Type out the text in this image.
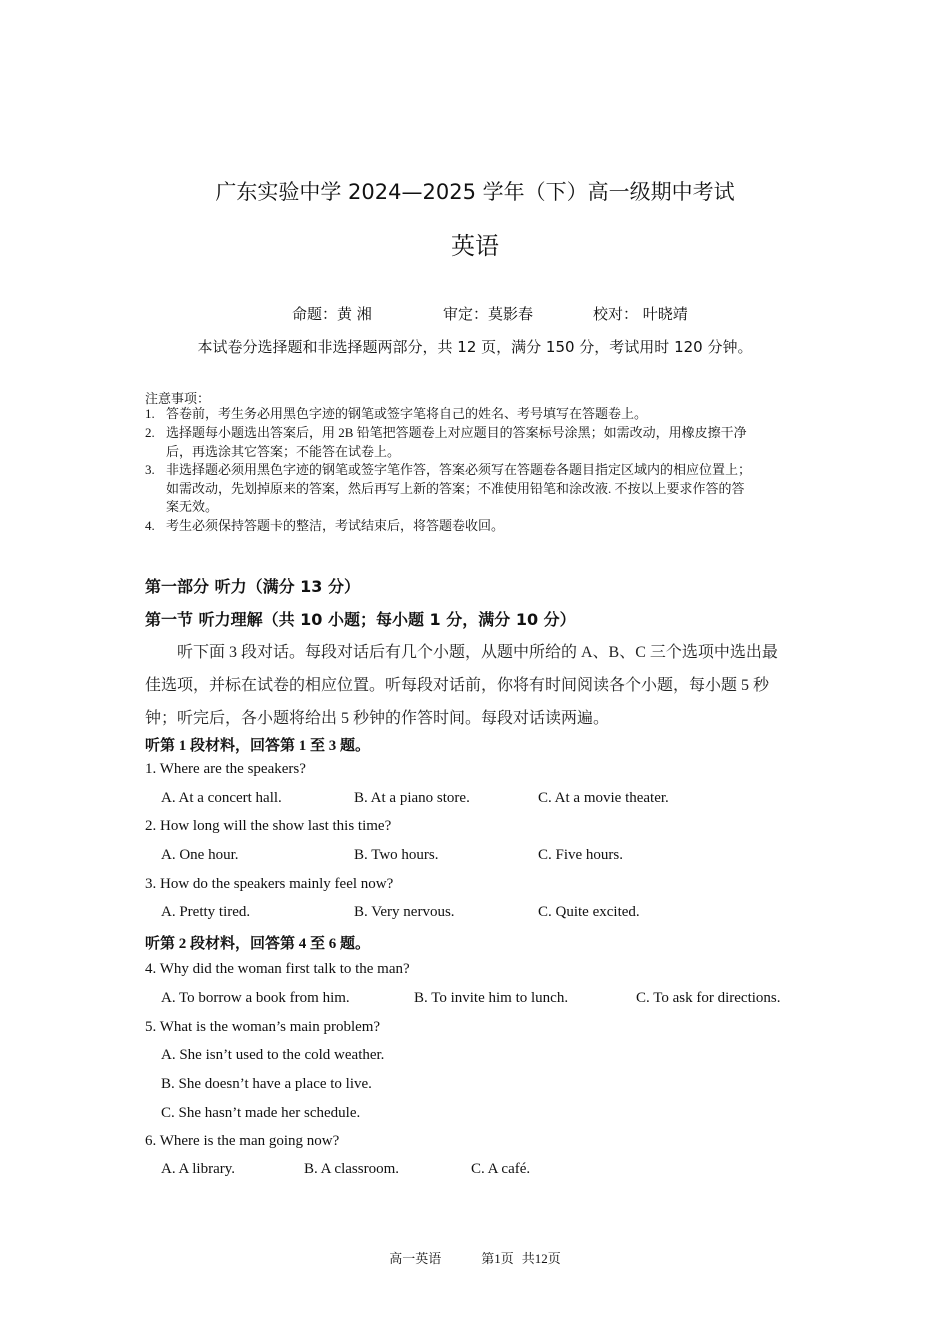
广东实验中学 2024—2025 学年（下）高一级期中考试
英语
命题：黄 湘	审定：莫影春	校对： 叶晓靖
本试卷分选择题和非选择题两部分，共 12 页，满分 150 分，考试用时 120 分钟。
注意事项：
1. 答卷前，考生务必用黑色字迹的钢笔或签字笔将自己的姓名、考号填写在答题卷上。
2. 选择题每小题选出答案后，用 2B 铅笔把答题卷上对应题目的答案标号涂黑；如需改动，用橡皮擦干净
后，再选涂其它答案；不能答在试卷上。
3. 非选择题必须用黑色字迹的钢笔或签字笔作答，答案必须写在答题卷各题目指定区域内的相应位置上；
如需改动，先划掉原来的答案，然后再写上新的答案；不准使用铅笔和涂改液. 不按以上要求作答的答
案无效。
4. 考生必须保持答题卡的整洁，考试结束后，将答题卷收回。
第一部分 听力（满分 13 分）
第一节 听力理解（共 10 小题；每小题 1 分，满分 10 分）
听下面 3 段对话。每段对话后有几个小题，从题中所给的 A、B、C 三个选项中选出最
佳选项，并标在试卷的相应位置。听每段对话前，你将有时间阅读各个小题，每小题 5 秒
钟；听完后，各小题将给出 5 秒钟的作答时间。每段对话读两遍。
听第 1 段材料，回答第 1 至 3 题。
1. Where are the speakers?
A. At a concert hall.	B. At a piano store.	C. At a movie theater.
2. How long will the show last this time?
A. One hour.	B. Two hours.	C. Five hours.
3. How do the speakers mainly feel now?
A. Pretty tired.	B. Very nervous.	C. Quite excited.
听第 2 段材料，回答第 4 至 6 题。
4. Why did the woman first talk to the man?
A. To borrow a book from him.	B. To invite him to lunch.	C. To ask for directions.
5. What is the woman’s main problem?
A. She isn’t used to the cold weather.
B. She doesn’t have a place to live.
C. She hasn’t made her schedule.
6. Where is the man going now?
A. A library.	B. A classroom.	C. A café.
高一英语	第1页 共12页
